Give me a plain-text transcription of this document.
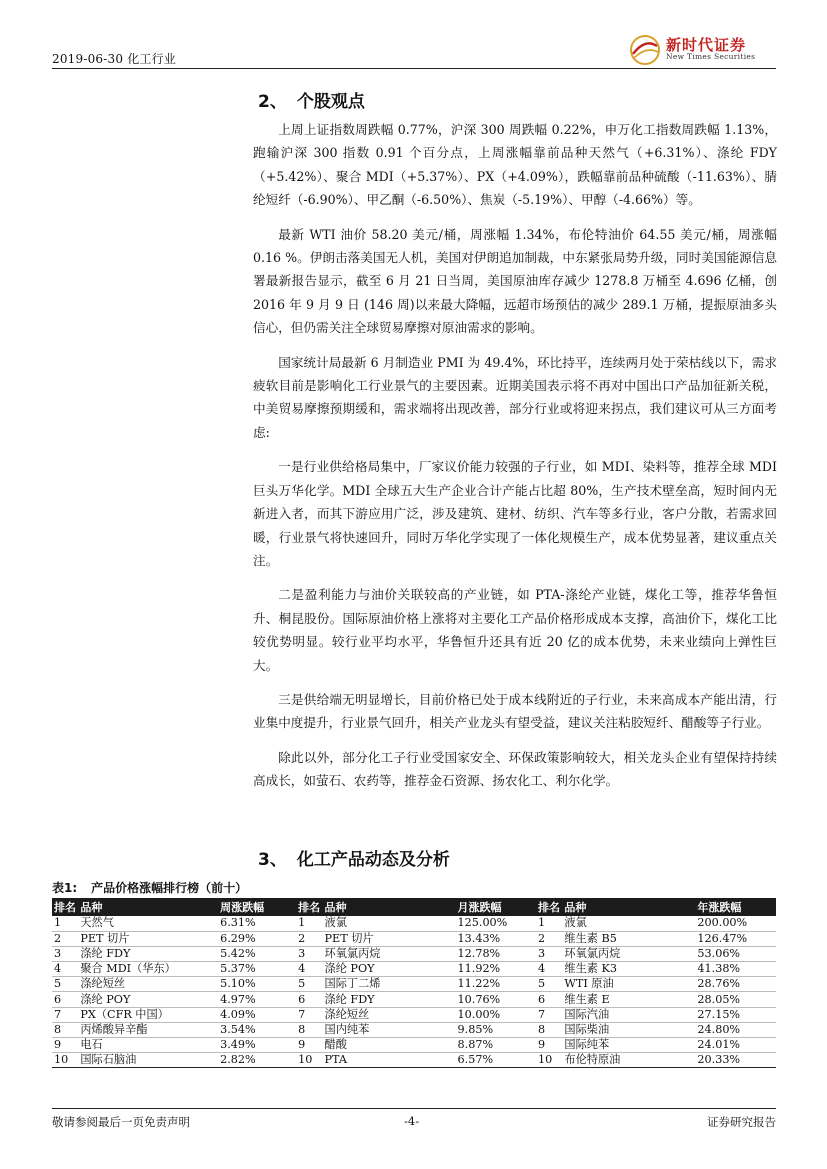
2019-06-30 化工行业
新时代证券
New Times Securities
2、 个股观点

上周上证指数周跌幅 0.77%，沪深 300 周跌幅 0.22%，申万化工指数周跌幅 1.13%，跑输沪深 300 指数 0.91 个百分点，上周涨幅靠前品种天然气（+6.31%）、涤纶 FDY（+5.42%）、聚合 MDI（+5.37%）、PX（+4.09%），跌幅靠前品种硫酸（-11.63%）、腈纶短纤（-6.90%）、甲乙酮（-6.50%）、焦炭（-5.19%）、甲醇（-4.66%）等。

最新 WTI 油价 58.20 美元/桶，周涨幅 1.34%，布伦特油价 64.55 美元/桶，周涨幅 0.16 %。伊朗击落美国无人机，美国对伊朗追加制裁，中东紧张局势升级，同时美国能源信息署最新报告显示，截至 6 月 21 日当周，美国原油库存减少 1278.8 万桶至 4.696 亿桶，创 2016 年 9 月 9 日 (146 周)以来最大降幅，远超市场预估的减少 289.1 万桶，提振原油多头信心，但仍需关注全球贸易摩擦对原油需求的影响。

国家统计局最新 6 月制造业 PMI 为 49.4%，环比持平，连续两月处于荣枯线以下，需求疲软目前是影响化工行业景气的主要因素。近期美国表示将不再对中国出口产品加征新关税，中美贸易摩擦预期缓和，需求端将出现改善，部分行业或将迎来拐点，我们建议可从三方面考虑:

一是行业供给格局集中，厂家议价能力较强的子行业，如 MDI、染料等，推荐全球 MDI 巨头万华化学。MDI 全球五大生产企业合计产能占比超 80%，生产技术壁垒高，短时间内无新进入者，而其下游应用广泛，涉及建筑、建材、纺织、汽车等多行业，客户分散，若需求回暖，行业景气将快速回升，同时万华化学实现了一体化规模生产，成本优势显著，建议重点关注。

二是盈利能力与油价关联较高的产业链，如 PTA-涤纶产业链，煤化工等，推荐华鲁恒升、桐昆股份。国际原油价格上涨将对主要化工产品价格形成成本支撑，高油价下，煤化工比较优势明显。较行业平均水平，华鲁恒升还具有近 20 亿的成本优势，未来业绩向上弹性巨大。

三是供给端无明显增长，目前价格已处于成本线附近的子行业，未来高成本产能出清，行业集中度提升，行业景气回升，相关产业龙头有望受益，建议关注粘胶短纤、醋酸等子行业。

除此以外，部分化工子行业受国家安全、环保政策影响较大，相关龙头企业有望保持持续高成长，如萤石、农药等，推荐金石资源、扬农化工、利尔化学。

3、 化工产品动态及分析
表1: 产品价格涨幅排行榜（前十）
排名	品种	周涨跌幅	排名	品种	月涨跌幅	排名	品种	年涨跌幅
1	天然气	6.31%	1	液氯	125.00%	1	液氯	200.00%
2	PET 切片	6.29%	2	PET 切片	13.43%	2	维生素 B5	126.47%
3	涤纶 FDY	5.42%	3	环氧氯丙烷	12.78%	3	环氧氯丙烷	53.06%
4	聚合 MDI（华东）	5.37%	4	涤纶 POY	11.92%	4	维生素 K3	41.38%
5	涤纶短丝	5.10%	5	国际丁二烯	11.22%	5	WTI 原油	28.76%
6	涤纶 POY	4.97%	6	涤纶 FDY	10.76%	6	维生素 E	28.05%
7	PX（CFR 中国）	4.09%	7	涤纶短丝	10.00%	7	国际汽油	27.15%
8	丙烯酸异辛酯	3.54%	8	国内纯苯	9.85%	8	国际柴油	24.80%
9	电石	3.49%	9	醋酸	8.87%	9	国际纯苯	24.01%
10	国际石脑油	2.82%	10	PTA	6.57%	10	布伦特原油	20.33%
敬请参阅最后一页免责声明	-4-	证券研究报告
